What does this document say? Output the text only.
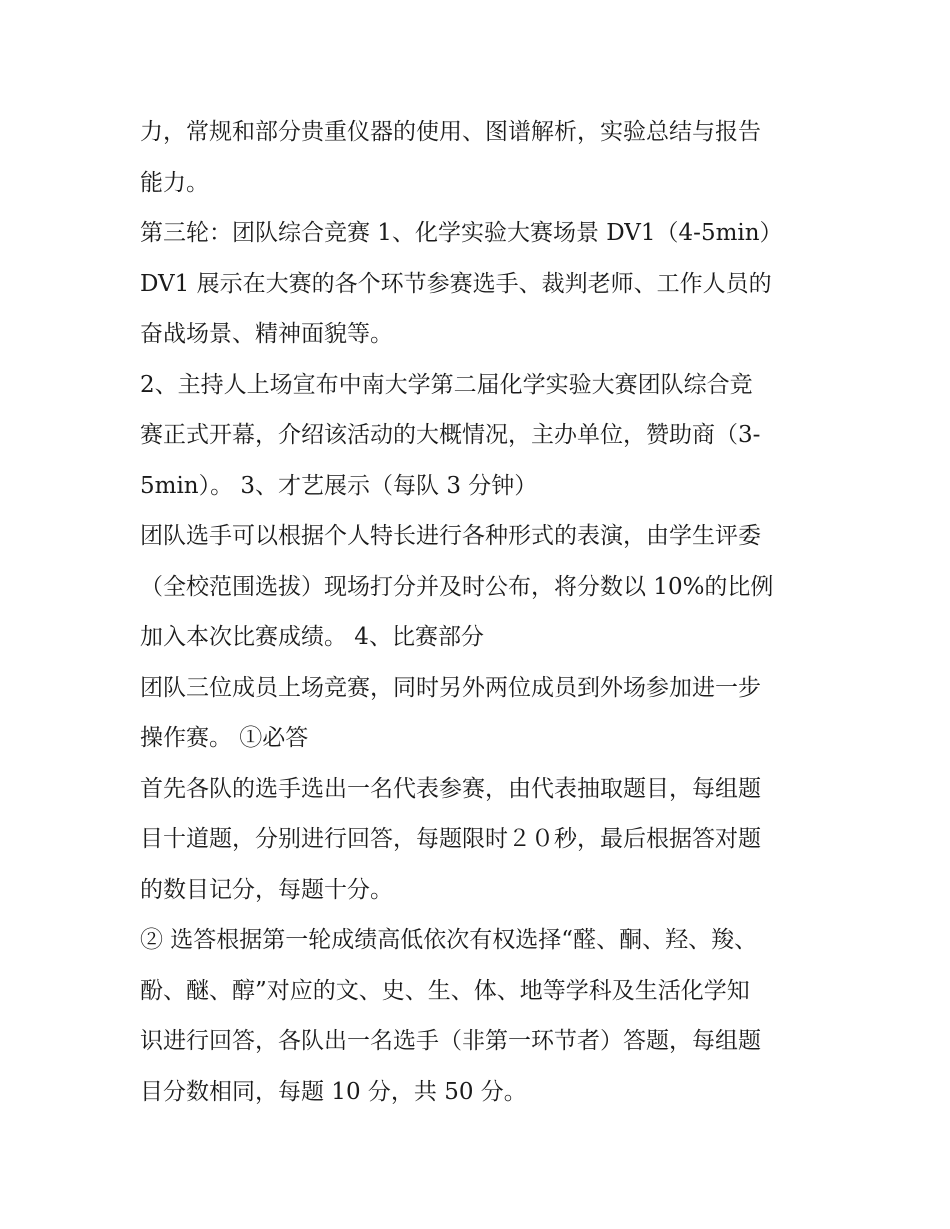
力，常规和部分贵重仪器的使用、图谱解析，实验总结与报告
能力。
第三轮：团队综合竞赛 1、化学实验大赛场景 DV1（4-5min）
DV1 展示在大赛的各个环节参赛选手、裁判老师、工作人员的
奋战场景、精神面貌等。
2、主持人上场宣布中南大学第二届化学实验大赛团队综合竞
赛正式开幕，介绍该活动的大概情况，主办单位，赞助商（3-
5min）。 3、才艺展示（每队 3 分钟）
团队选手可以根据个人特长进行各种形式的表演，由学生评委
（全校范围选拔）现场打分并及时公布，将分数以 10%的比例
加入本次比赛成绩。 4、比赛部分
团队三位成员上场竞赛，同时另外两位成员到外场参加进一步
操作赛。 ①必答
首先各队的选手选出一名代表参赛，由代表抽取题目，每组题
目十道题，分别进行回答，每题限时２０秒，最后根据答对题
的数目记分，每题十分。
② 选答根据第一轮成绩高低依次有权选择“醛、酮、羟、羧、
酚、醚、醇”对应的文、史、生、体、地等学科及生活化学知
识进行回答，各队出一名选手（非第一环节者）答题，每组题
目分数相同，每题 10 分，共 50 分。
